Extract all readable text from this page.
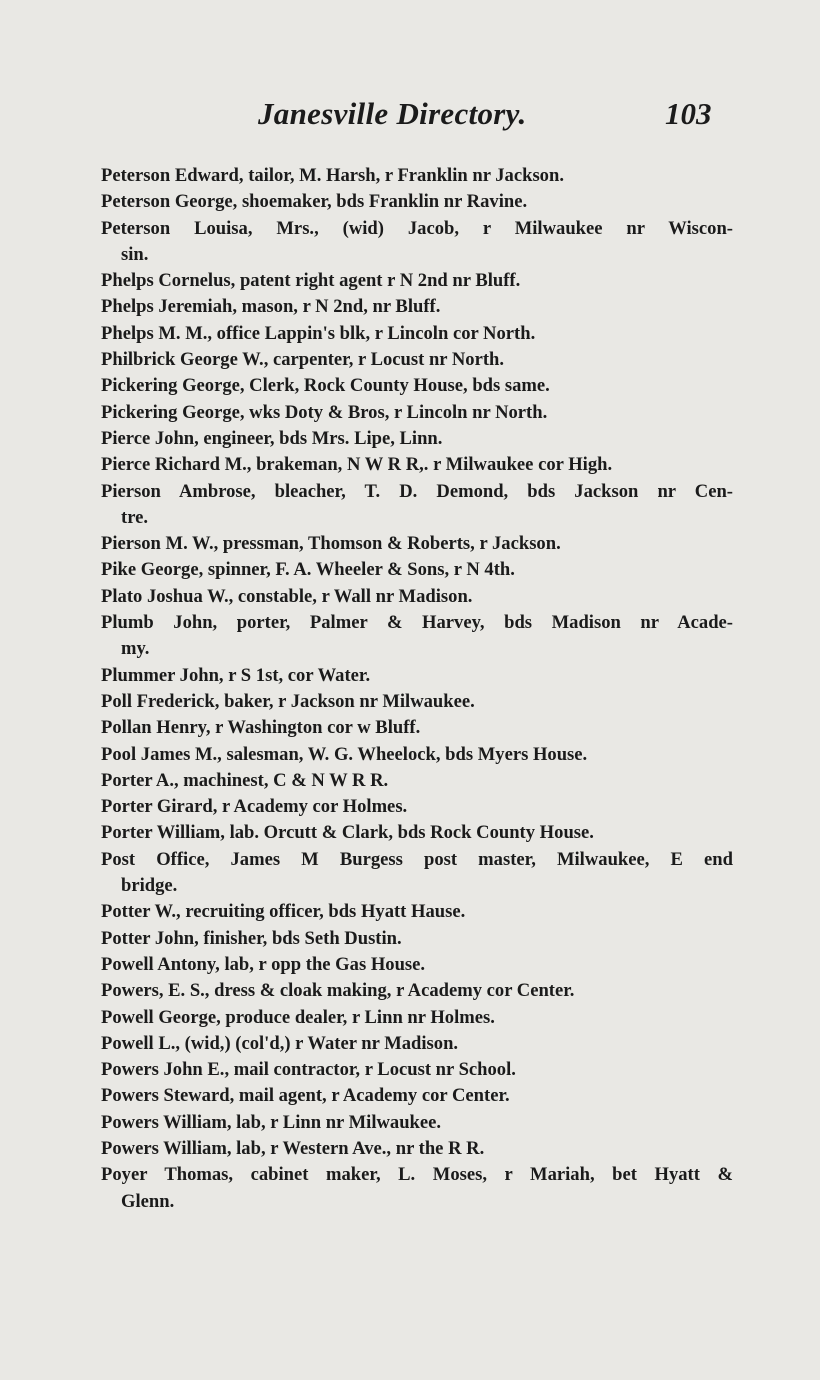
Janesville Directory.	103
Peterson Edward, tailor, M. Harsh, r Franklin nr Jackson.
Peterson George, shoemaker, bds Franklin nr Ravine.
Peterson Louisa, Mrs., (wid) Jacob, r Milwaukee nr Wiscon-
sin.
Phelps Cornelus, patent right agent r N 2nd nr Bluff.
Phelps Jeremiah, mason, r N 2nd, nr Bluff.
Phelps M. M., office Lappin's blk, r Lincoln cor North.
Philbrick George W., carpenter, r Locust nr North.
Pickering George, Clerk, Rock County House, bds same.
Pickering George, wks Doty & Bros, r Lincoln nr North.
Pierce John, engineer, bds Mrs. Lipe, Linn.
Pierce Richard M., brakeman, N W R R,. r Milwaukee cor High.
Pierson Ambrose, bleacher, T. D. Demond, bds Jackson nr Cen-
tre.
Pierson M. W., pressman, Thomson & Roberts, r Jackson.
Pike George, spinner, F. A. Wheeler & Sons, r N 4th.
Plato Joshua W., constable, r Wall nr Madison.
Plumb John, porter, Palmer & Harvey, bds Madison nr Acade-
my.
Plummer John, r S 1st, cor Water.
Poll Frederick, baker, r Jackson nr Milwaukee.
Pollan Henry, r Washington cor w Bluff.
Pool James M., salesman, W. G. Wheelock, bds Myers House.
Porter A., machinest, C & N W R R.
Porter Girard, r Academy cor Holmes.
Porter William, lab. Orcutt & Clark, bds Rock County House.
Post Office, James M Burgess post master, Milwaukee, E end
bridge.
Potter W., recruiting officer, bds Hyatt Hause.
Potter John, finisher, bds Seth Dustin.
Powell Antony, lab, r opp the Gas House.
Powers, E. S., dress & cloak making, r Academy cor Center.
Powell George, produce dealer, r Linn nr Holmes.
Powell L., (wid,) (col'd,) r Water nr Madison.
Powers John E., mail contractor, r Locust nr School.
Powers Steward, mail agent, r Academy cor Center.
Powers William, lab, r Linn nr Milwaukee.
Powers William, lab, r Western Ave., nr the R R.
Poyer Thomas, cabinet maker, L. Moses, r Mariah, bet Hyatt &
Glenn.
